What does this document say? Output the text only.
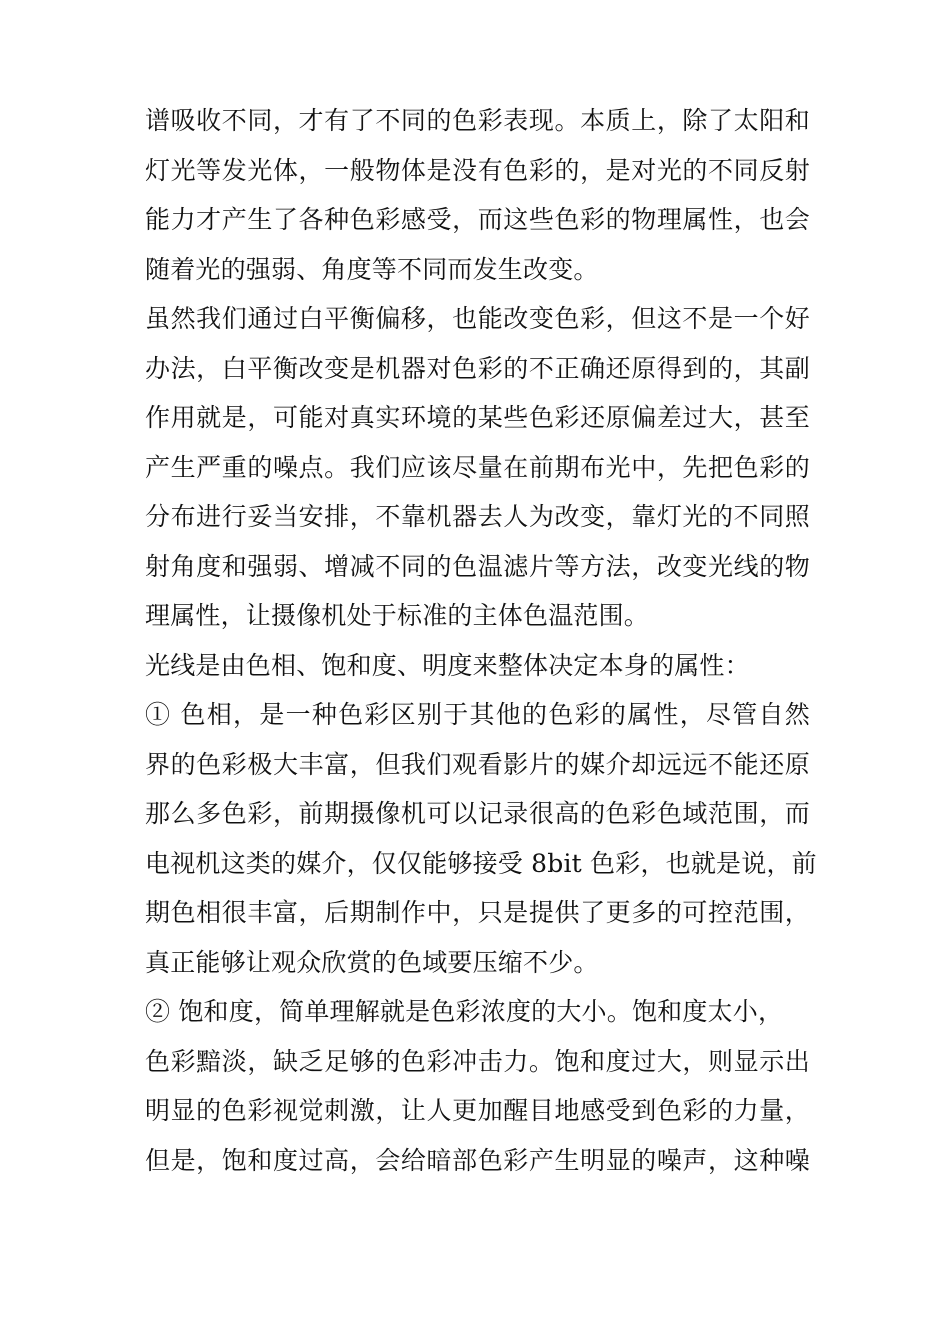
谱吸收不同，才有了不同的色彩表现。本质上，除了太阳和
灯光等发光体，一般物体是没有色彩的，是对光的不同反射
能力才产生了各种色彩感受，而这些色彩的物理属性，也会
随着光的强弱、角度等不同而发生改变。
虽然我们通过白平衡偏移，也能改变色彩，但这不是一个好
办法，白平衡改变是机器对色彩的不正确还原得到的，其副
作用就是，可能对真实环境的某些色彩还原偏差过大，甚至
产生严重的噪点。我们应该尽量在前期布光中，先把色彩的
分布进行妥当安排，不靠机器去人为改变，靠灯光的不同照
射角度和强弱、增减不同的色温滤片等方法，改变光线的物
理属性，让摄像机处于标准的主体色温范围。
光线是由色相、饱和度、明度来整体决定本身的属性：
① 色相，是一种色彩区别于其他的色彩的属性，尽管自然
界的色彩极大丰富，但我们观看影片的媒介却远远不能还原
那么多色彩，前期摄像机可以记录很高的色彩色域范围，而
电视机这类的媒介，仅仅能够接受 8bit 色彩，也就是说，前
期色相很丰富，后期制作中，只是提供了更多的可控范围，
真正能够让观众欣赏的色域要压缩不少。
② 饱和度，简单理解就是色彩浓度的大小。饱和度太小，
色彩黯淡，缺乏足够的色彩冲击力。饱和度过大，则显示出
明显的色彩视觉刺激，让人更加醒目地感受到色彩的力量，
但是，饱和度过高，会给暗部色彩产生明显的噪声，这种噪
